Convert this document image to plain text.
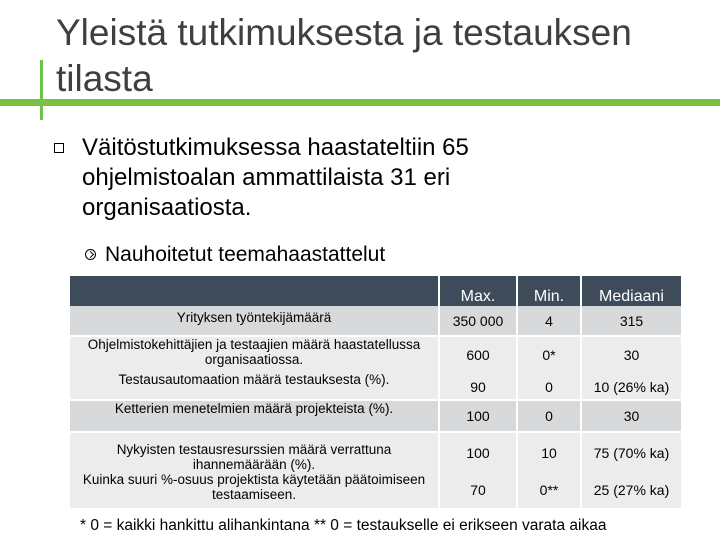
Yleistä tutkimuksesta ja testauksen tilasta
Väitöstutkimuksessa haastateltiin 65 ohjelmistoalan ammattilaista 31 eri organisaatiosta.
Nauhoitetut teemahaastattelut
	Max.	Min.	Mediaani
Yrityksen työntekijämäärä	350 000	4	315
Ohjelmistokehittäjien ja testaajien määrä haastatellussa organisaatiossa.	600	0*	30
Testausautomaation määrä testauksesta (%).	90	0	10 (26% ka)
Ketterien menetelmien määrä projekteista (%).	100	0	30
Nykyisten testausresurssien määrä verrattuna ihannemäärään (%).	100	10	75 (70% ka)
Kuinka suuri %-osuus projektista käytetään päätoimiseen testaamiseen.	70	0**	25 (27% ka)
* 0 = kaikki hankittu alihankintana ** 0 = testaukselle ei erikseen varata aikaa
